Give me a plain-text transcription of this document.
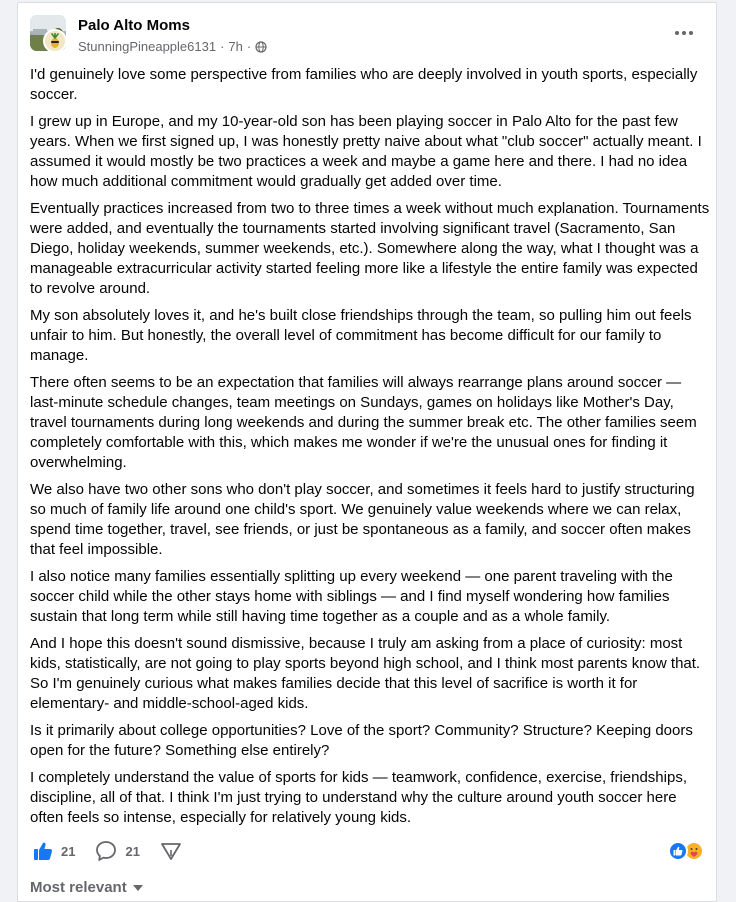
Palo Alto Moms
StunningPineapple6131 · 7h ·

I'd genuinely love some perspective from families who are deeply involved in youth sports, especially soccer.

I grew up in Europe, and my 10-year-old son has been playing soccer in Palo Alto for the past few years. When we first signed up, I was honestly pretty naive about what "club soccer" actually meant. I assumed it would mostly be two practices a week and maybe a game here and there. I had no idea how much additional commitment would gradually get added over time.

Eventually practices increased from two to three times a week without much explanation. Tournaments were added, and eventually the tournaments started involving significant travel (Sacramento, San Diego, holiday weekends, summer weekends, etc.). Somewhere along the way, what I thought was a manageable extracurricular activity started feeling more like a lifestyle the entire family was expected to revolve around.

My son absolutely loves it, and he's built close friendships through the team, so pulling him out feels unfair to him. But honestly, the overall level of commitment has become difficult for our family to manage.

There often seems to be an expectation that families will always rearrange plans around soccer — last-minute schedule changes, team meetings on Sundays, games on holidays like Mother's Day, travel tournaments during long weekends and during the summer break etc. The other families seem completely comfortable with this, which makes me wonder if we're the unusual ones for finding it overwhelming.

We also have two other sons who don't play soccer, and sometimes it feels hard to justify structuring so much of family life around one child's sport. We genuinely value weekends where we can relax, spend time together, travel, see friends, or just be spontaneous as a family, and soccer often makes that feel impossible.

I also notice many families essentially splitting up every weekend — one parent traveling with the soccer child while the other stays home with siblings — and I find myself wondering how families sustain that long term while still having time together as a couple and as a whole family.

And I hope this doesn't sound dismissive, because I truly am asking from a place of curiosity: most kids, statistically, are not going to play sports beyond high school, and I think most parents know that. So I'm genuinely curious what makes families decide that this level of sacrifice is worth it for elementary- and middle-school-aged kids.

Is it primarily about college opportunities? Love of the sport? Community? Structure? Keeping doors open for the future? Something else entirely?

I completely understand the value of sports for kids — teamwork, confidence, exercise, friendships, discipline, all of that. I think I'm just trying to understand why the culture around youth soccer here often feels so intense, especially for relatively young kids.

21	21
Most relevant
